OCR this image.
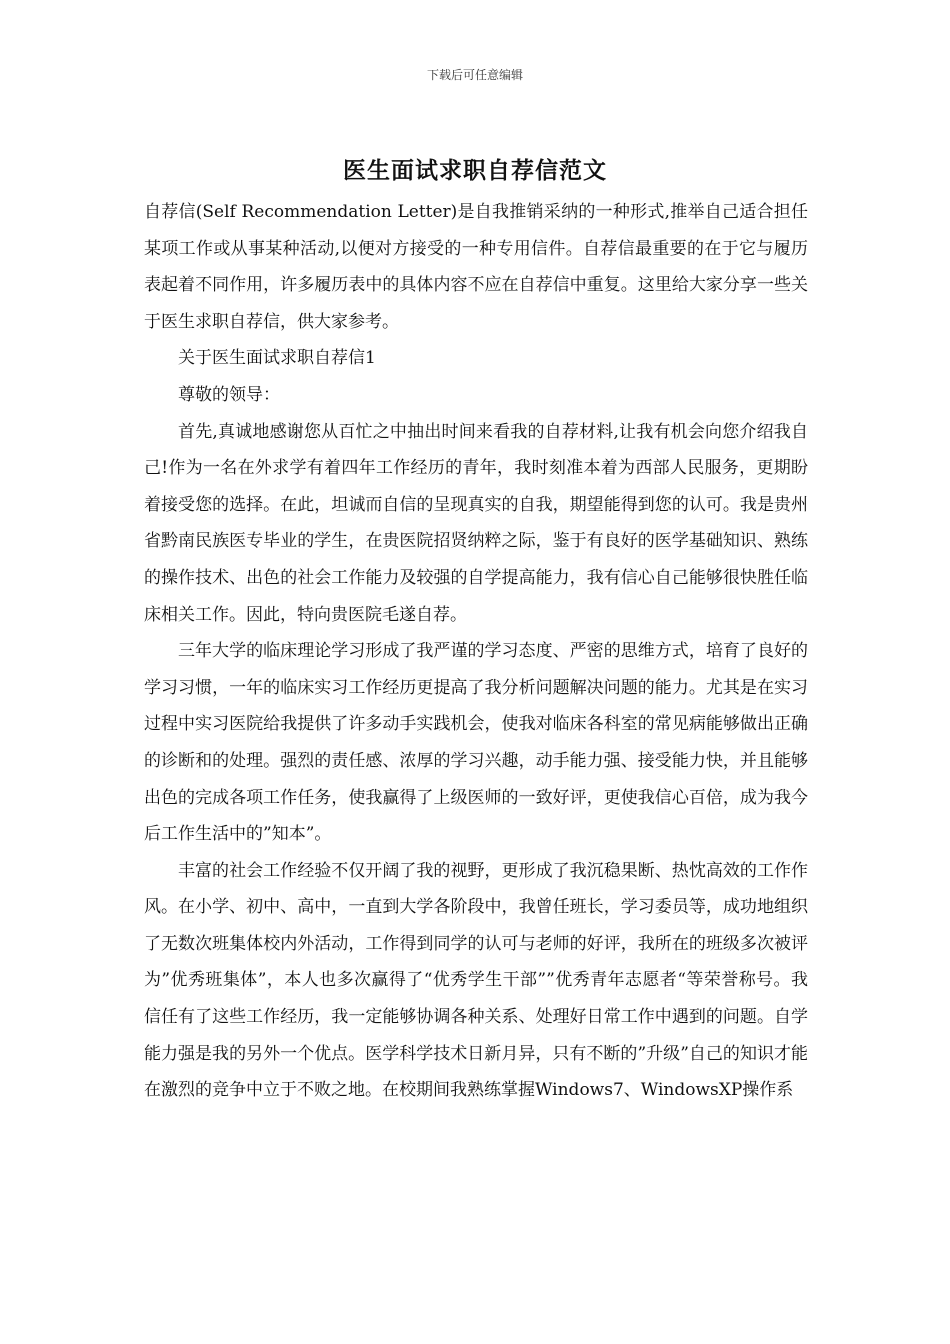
下载后可任意编辑
医生面试求职自荐信范文

自荐信(Self Recommendation Letter)是自我推销采纳的一种形式,推举自己适合担任某项工作或从事某种活动,以便对方接受的一种专用信件。自荐信最重要的在于它与履历表起着不同作用，许多履历表中的具体内容不应在自荐信中重复。这里给大家分享一些关于医生求职自荐信，供大家参考。

关于医生面试求职自荐信1

尊敬的领导：

首先,真诚地感谢您从百忙之中抽出时间来看我的自荐材料,让我有机会向您介绍我自己!作为一名在外求学有着四年工作经历的青年，我时刻准本着为西部人民服务，更期盼着接受您的选择。在此，坦诚而自信的呈现真实的自我，期望能得到您的认可。我是贵州省黔南民族医专毕业的学生，在贵医院招贤纳粹之际，鉴于有良好的医学基础知识、熟练的操作技术、出色的社会工作能力及较强的自学提高能力，我有信心自己能够很快胜任临床相关工作。因此，特向贵医院毛遂自荐。

三年大学的临床理论学习形成了我严谨的学习态度、严密的思维方式，培育了良好的学习习惯，一年的临床实习工作经历更提高了我分析问题解决问题的能力。尤其是在实习过程中实习医院给我提供了许多动手实践机会，使我对临床各科室的常见病能够做出正确的诊断和的处理。强烈的责任感、浓厚的学习兴趣，动手能力强、接受能力快，并且能够出色的完成各项工作任务，使我赢得了上级医师的一致好评，更使我信心百倍，成为我今后工作生活中的”知本”。

丰富的社会工作经验不仅开阔了我的视野，更形成了我沉稳果断、热忱高效的工作作风。在小学、初中、高中，一直到大学各阶段中，我曾任班长，学习委员等，成功地组织了无数次班集体校内外活动，工作得到同学的认可与老师的好评，我所在的班级多次被评为”优秀班集体”，本人也多次赢得了“优秀学生干部””优秀青年志愿者“等荣誉称号。我信任有了这些工作经历，我一定能够协调各种关系、处理好日常工作中遇到的问题。自学能力强是我的另外一个优点。医学科学技术日新月异，只有不断的”升级”自己的知识才能在激烈的竞争中立于不败之地。在校期间我熟练掌握Windows7、WindowsXP操作系
